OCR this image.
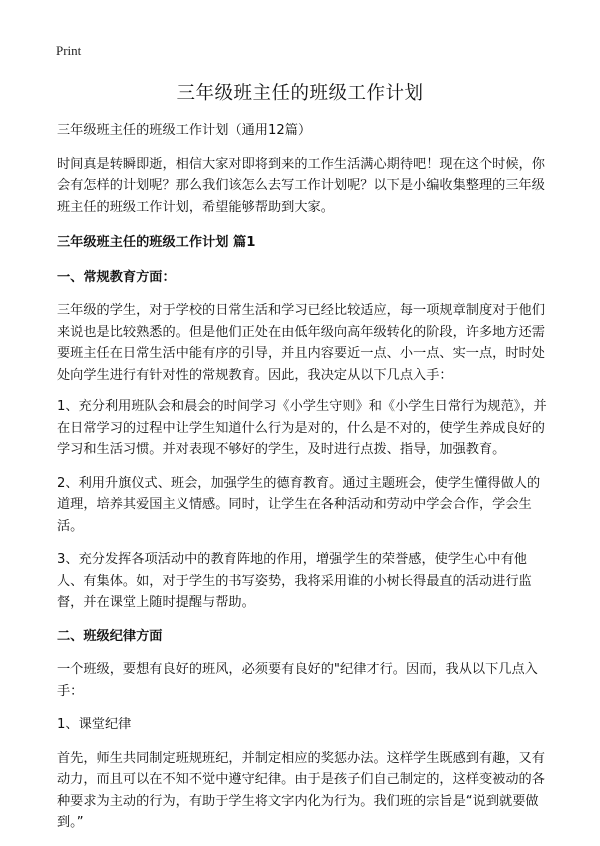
Print
三年级班主任的班级工作计划

三年级班主任的班级工作计划（通用12篇）

时间真是转瞬即逝，相信大家对即将到来的工作生活满心期待吧！现在这个时候，你会有怎样的计划呢？那么我们该怎么去写工作计划呢？以下是小编收集整理的三年级班主任的班级工作计划，希望能够帮助到大家。

三年级班主任的班级工作计划 篇1

一、常规教育方面：

三年级的学生，对于学校的日常生活和学习已经比较适应，每一项规章制度对于他们来说也是比较熟悉的。但是他们正处在由低年级向高年级转化的阶段，许多地方还需要班主任在日常生活中能有序的引导，并且内容要近一点、小一点、实一点，时时处处向学生进行有针对性的常规教育。因此，我决定从以下几点入手：

1、充分利用班队会和晨会的时间学习《小学生守则》和《小学生日常行为规范》，并在日常学习的过程中让学生知道什么行为是对的，什么是不对的，使学生养成良好的学习和生活习惯。并对表现不够好的学生，及时进行点拨、指导，加强教育。

2、利用升旗仪式、班会，加强学生的德育教育。通过主题班会，使学生懂得做人的道理，培养其爱国主义情感。同时，让学生在各种活动和劳动中学会合作，学会生活。

3、充分发挥各项活动中的教育阵地的作用，增强学生的荣誉感，使学生心中有他人、有集体。如，对于学生的书写姿势，我将采用谁的小树长得最直的活动进行监督，并在课堂上随时提醒与帮助。

二、班级纪律方面

一个班级，要想有良好的班风，必须要有良好的"纪律才行。因而，我从以下几点入手：

1、课堂纪律

首先，师生共同制定班规班纪，并制定相应的奖惩办法。这样学生既感到有趣，又有动力，而且可以在不知不觉中遵守纪律。由于是孩子们自己制定的，这样变被动的各种要求为主动的行为，有助于学生将文字内化为行为。我们班的宗旨是“说到就要做到。”
